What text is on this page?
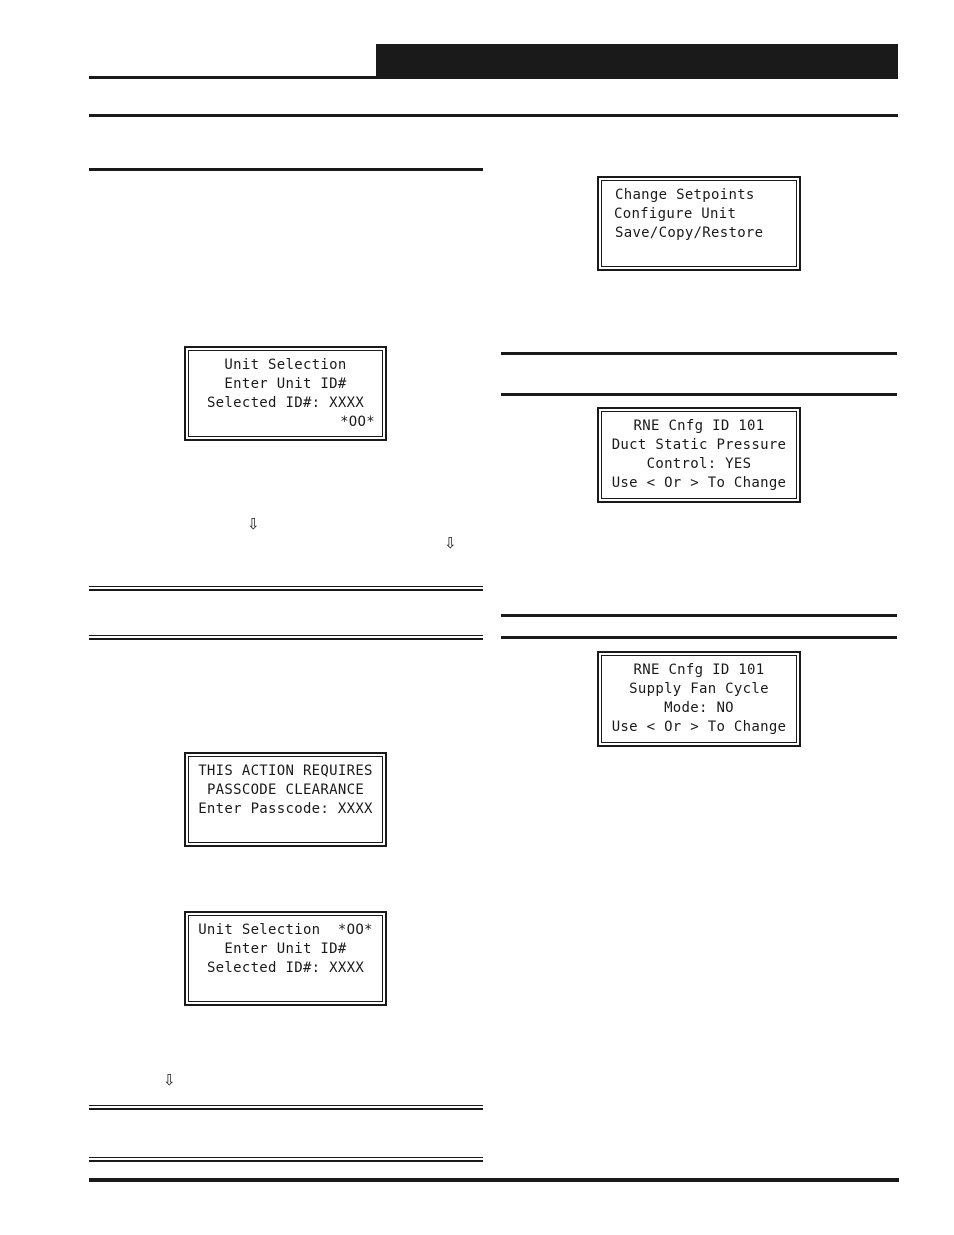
Unit Selection
Enter Unit ID#
Selected ID#: XXXX
*OO*
⇩
⇩
THIS ACTION REQUIRES
PASSCODE CLEARANCE
Enter Passcode: XXXX
Unit Selection  *OO*
Enter Unit ID#
Selected ID#: XXXX
⇩
Change Setpoints
Configure Unit
Save/Copy/Restore
RNE Cnfg ID 101
Duct Static Pressure
Control: YES
Use < Or > To Change
RNE Cnfg ID 101
Supply Fan Cycle
Mode: NO
Use < Or > To Change
